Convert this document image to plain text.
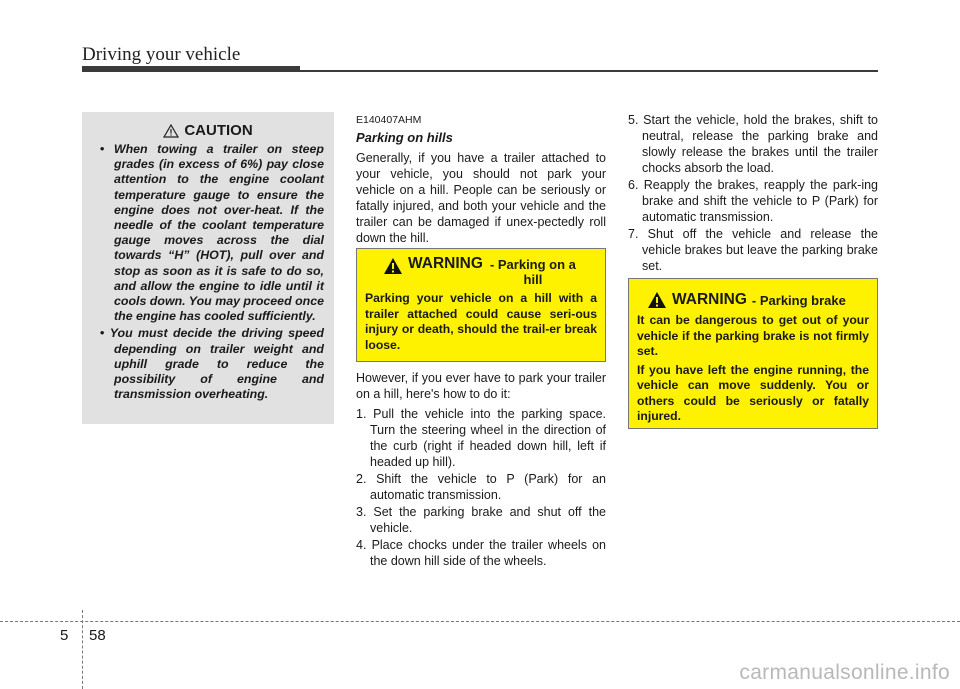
Driving your vehicle
CAUTION
• When towing a trailer on steep grades (in excess of 6%) pay close attention to the engine coolant temperature gauge to ensure the engine does not over-heat. If the needle of the coolant temperature gauge moves across the dial towards “H” (HOT), pull over and stop as soon as it is safe to do so, and allow the engine to idle until it cools down. You may proceed once the engine has cooled sufficiently.
• You must decide the driving speed depending on trailer weight and uphill grade to reduce the possibility of engine and transmission overheating.
E140407AHM
Parking on hills

Generally, if you have a trailer attached to your vehicle, you should not park your vehicle on a hill. People can be seriously or fatally injured, and both your vehicle and the trailer can be damaged if unex-pectedly roll down the hill.

However, if you ever have to park your trailer on a hill, here's how to do it:

1. Pull the vehicle into the parking space. Turn the steering wheel in the direction of the curb (right if headed down hill, left if headed up hill).
2. Shift the vehicle to P (Park) for an automatic transmission.
3. Set the parking brake and shut off the vehicle.
4. Place chocks under the trailer wheels on the down hill side of the wheels.
WARNING - Parking on a hill

Parking your vehicle on a hill with a trailer attached could cause seri-ous injury or death, should the trail-er break loose.

5. Start the vehicle, hold the brakes, shift to neutral, release the parking brake and slowly release the brakes until the trailer chocks absorb the load.
6. Reapply the brakes, reapply the park-ing brake and shift the vehicle to P (Park) for automatic transmission.
7. Shut off the vehicle and release the vehicle brakes but leave the parking brake set.
WARNING - Parking brake

It can be dangerous to get out of your vehicle if the parking brake is not firmly set.

If you have left the engine running, the vehicle can move suddenly. You or others could be seriously or fatally injured.

5 58
carmanualsonline.info
